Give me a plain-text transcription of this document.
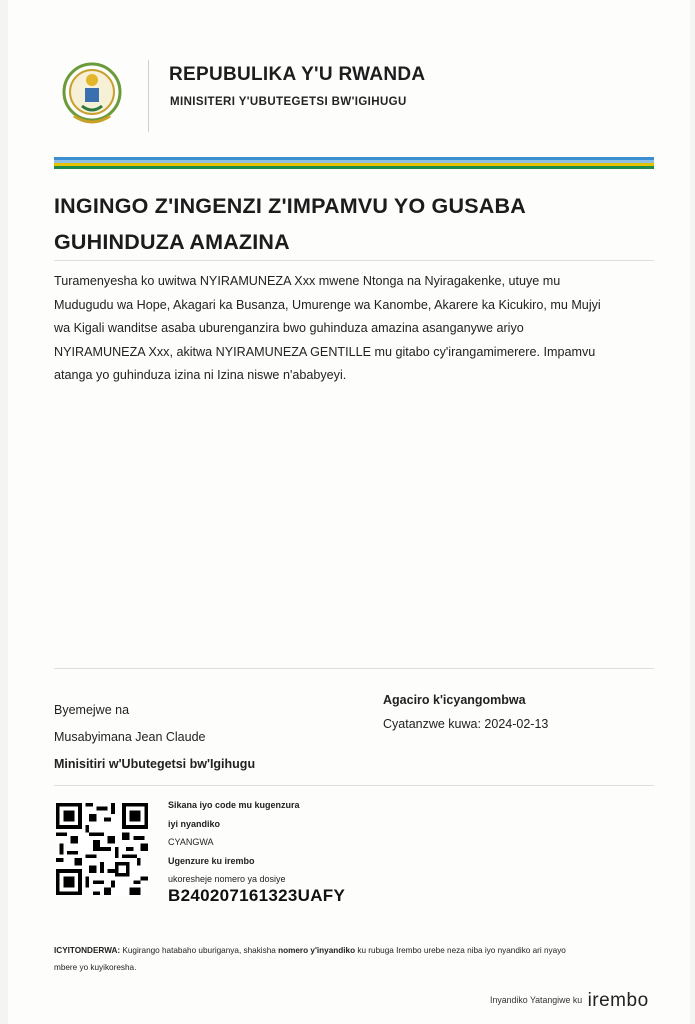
REPUBULIKA Y'U RWANDA
MINISITERI Y'UBUTEGETSI BW'IGIHUGU
INGINGO Z'INGENZI Z'IMPAMVU YO GUSABA
GUHINDUZA AMAZINA
Turamenyesha ko uwitwa NYIRAMUNEZA Xxx mwene Ntonga na Nyiragakenke, utuye mu
Mudugudu wa Hope, Akagari ka Busanza, Umurenge wa Kanombe, Akarere ka Kicukiro, mu Mujyi
wa Kigali wanditse asaba uburenganzira bwo guhinduza amazina asanganywe ariyo
NYIRAMUNEZA Xxx, akitwa NYIRAMUNEZA GENTILLE mu gitabo cy'irangamimerere. Impamvu
atanga yo guhinduza izina ni Izina niswe n'ababyeyi.
Byemejwe na
Musabyimana Jean Claude
Minisitiri w'Ubutegetsi bw'Igihugu
Agaciro k'icyangombwa
Cyatanzwe kuwa: 2024-02-13
Sikana iyo code mu kugenzura
iyi nyandiko
CYANGWA
Ugenzure ku irembo
ukoresheje nomero ya dosiye
B240207161323UAFY
ICYITONDERWA: Kugirango hatabaho uburiganya, shakisha nomero y'inyandiko ku rubuga Irembo urebe neza niba iyo nyandiko ari nyayo
mbere yo kuyikoresha.
Inyandiko Yatangiwe ku irembo
